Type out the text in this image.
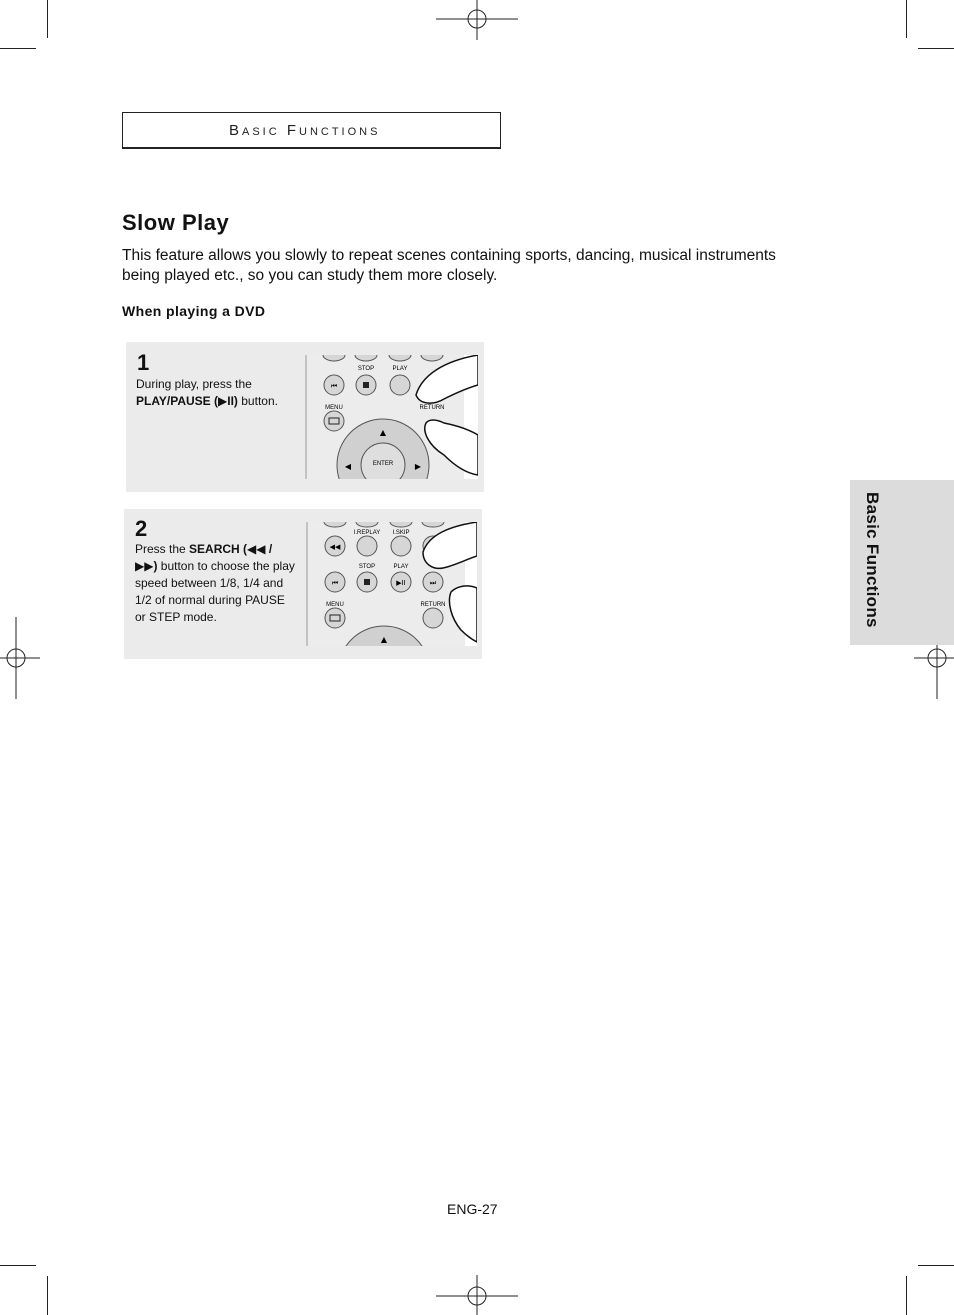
Basic Functions
Slow Play
This feature allows you slowly to repeat scenes containing sports, dancing, musical instruments being played etc., so you can study them more closely.
When playing a DVD
1
During play, press the PLAY/PAUSE (▶II) button.
⏮
STOP	PLAY
MENU	RETURN
▲
◀	▶
ENTER
2
Press the SEARCH (◀◀ / ▶▶) button to choose the play speed between 1/8, 1/4 and 1/2 of normal during PAUSE or STEP mode.
I.REPLAY I.SKIP
◀◀
STOP	PLAY
⏮	▶II	⏭
MENU	RETURN
▲
Basic Functions
ENG-27
